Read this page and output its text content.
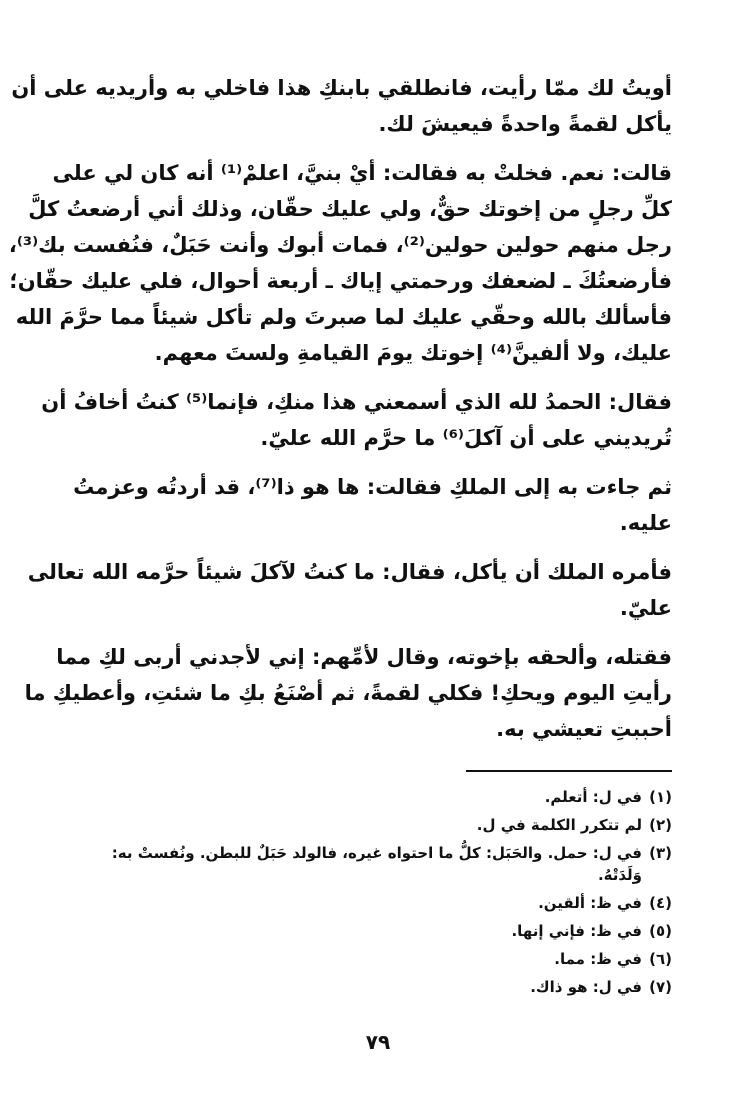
أويتُ لك ممّا رأيت، فانطلقي بابنكِ هذا فاخلي به وأريديه على أن
يأكل لقمةً واحدةً فيعيشَ لك.

قالت: نعم. فخلتْ به فقالت: أيْ بنيَّ، اعلمْ⁽¹⁾ أنه كان لي على
كلِّ رجلٍ من إخوتك حقٌّ، ولي عليك حقّان، وذلك أني أرضعتُ كلَّ
رجل منهم حولين حولين⁽²⁾، فمات أبوك وأنت حَبَلٌ، فنُفست بك⁽³⁾،
فأرضعتُكَ ـ لضعفك ورحمتي إياك ـ أربعة أحوال، فلي عليك حقّان؛
فأسألك بالله وحقّي عليك لما صبرتَ ولم تأكل شيئاً مما حرَّمَ الله
عليك، ولا ألفينَّ⁽⁴⁾ إخوتك يومَ القيامةِ ولستَ معهم.

فقال: الحمدُ لله الذي أسمعني هذا منكِ، فإنما⁽⁵⁾ كنتُ أخافُ أن
تُريديني على أن آكلَ⁽⁶⁾ ما حرَّم الله عليّ.

ثم جاءت به إلى الملكِ فقالت: ها هو ذا⁽⁷⁾، قد أردتُه وعزمتُ
عليه.

فأمره الملك أن يأكل، فقال: ما كنتُ لآكلَ شيئاً حرَّمه الله تعالى
عليّ.

فقتله، وألحقه بإخوته، وقال لأمِّهم: إني لأجدني أربى لكِ مما
رأيتِ اليوم ويحكِ! فكلي لقمةً، ثم أصْنَعُ بكِ ما شئتِ، وأعطيكِ ما
أحببتِ تعيشي به.

(١)
في ل: أتعلم.
(٢)
لم تتكرر الكلمة في ل.
(٣)
في ل: حمل. والحَبَل: كلُّ ما احتواه غيره، فالولد حَبَلٌ للبطن. ونُفستْ به: وَلَدَتْهُ.
(٤)
في ظ: ألقين.
(٥)
في ظ: فإني إنها.
(٦)
في ظ: مما.
(٧)
في ل: هو ذاك.
٧٩
